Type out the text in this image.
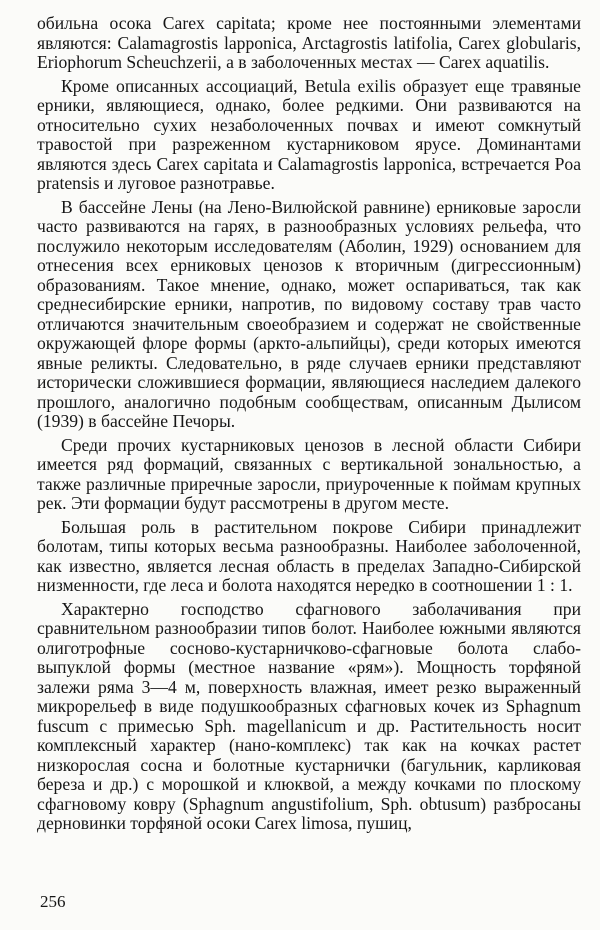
обильна осока Carex capitata; кроме нее постоянными элементами являются: Calamagrostis lapponica, Arctagrostis latifolia, Carex globularis, Eriophorum Scheuchzerii, а в заболоченных местах — Carex aquatilis.

Кроме описанных ассоциаций, Betula exilis образует еще травяные ерники, являющиеся, однако, более редкими. Они развиваются на относительно сухих незаболоченных почвах и имеют сомкнутый травостой при разреженном кустарниковом ярусе. Доминантами являются здесь Carex capitata и Calamagrostis lapponica, встречается Poa pratensis и луговое разнотравье.

В бассейне Лены (на Лено-Вилюйской равнине) ерниковые заросли часто развиваются на гарях, в разнообразных условиях рельефа, что послужило некоторым исследователям (Аболин, 1929) основанием для отнесения всех ерниковых ценозов к вторичным (дигрессионным) образованиям. Такое мнение, однако, может оспариваться, так как среднесибирские ерники, напротив, по видовому составу трав часто отличаются значительным своеобразием и содержат не свойственные окружающей флоре формы (аркто-альпийцы), среди которых имеются явные реликты. Следовательно, в ряде случаев ерники представляют исторически сложившиеся формации, являющиеся наследием далекого прошлого, аналогично подобным сообществам, описанным Дылисом (1939) в бассейне Печоры.

Среди прочих кустарниковых ценозов в лесной области Сибири имеется ряд формаций, связанных с вертикальной зональностью, а также различные приречные заросли, приуроченные к поймам крупных рек. Эти формации будут рассмотрены в другом месте.

Большая роль в растительном покрове Сибири принадлежит болотам, типы которых весьма разнообразны. Наиболее заболоченной, как известно, является лесная область в пределах Западно-Сибирской низменности, где леса и болота находятся нередко в соотношении 1 : 1.

Характерно господство сфагнового заболачивания при сравнительном разнообразии типов болот. Наиболее южными являются олиготрофные сосново-кустарничково-сфагновые болота слабо-выпуклой формы (местное название «рям»). Мощность торфяной залежи ряма 3—4 м, поверхность влажная, имеет резко выраженный микрорельеф в виде подушкообразных сфагновых кочек из Sphagnum fuscum с примесью Sph. magellanicum и др. Растительность носит комплексный характер (нано-комплекс) так как на кочках растет низкорослая сосна и болотные кустарнички (багульник, карликовая береза и др.) с морошкой и клюквой, а между кочками по плоскому сфагновому ковру (Sphagnum angustifolium, Sph. obtusum) разбросаны дерновинки торфяной осоки Carex limosa, пушиц,

256
